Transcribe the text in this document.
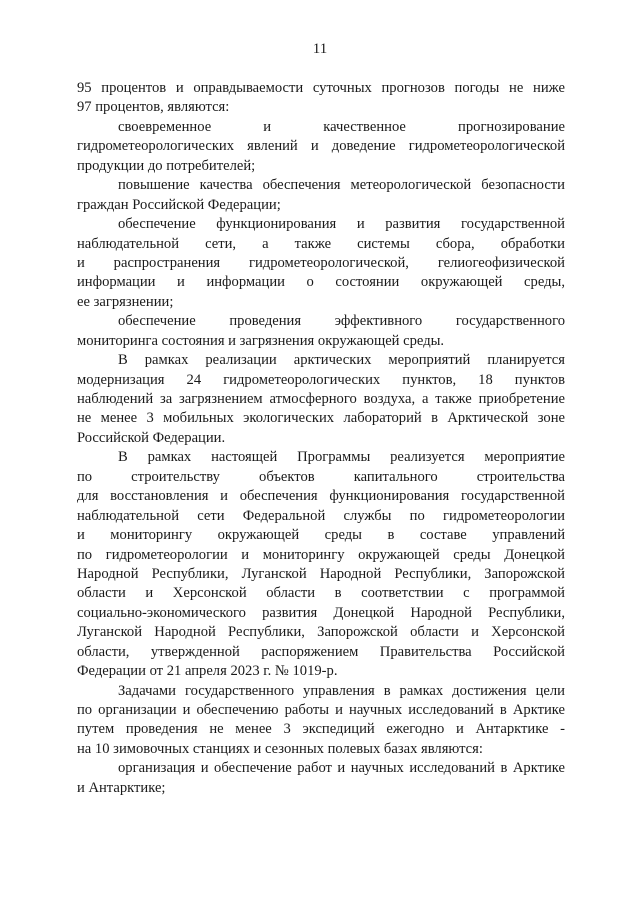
11
95 процентов и оправдываемости суточных прогнозов погоды не ниже
97 процентов, являются:
своевременное и качественное прогнозирование
гидрометеорологических явлений и доведение гидрометеорологической
продукции до потребителей;
повышение качества обеспечения метеорологической безопасности
граждан Российской Федерации;
обеспечение функционирования и развития государственной
наблюдательной сети, а также системы сбора, обработки
и распространения гидрометеорологической, гелиогеофизической
информации и информации о состоянии окружающей среды,
ее загрязнении;
обеспечение проведения эффективного государственного
мониторинга состояния и загрязнения окружающей среды.
В рамках реализации арктических мероприятий планируется
модернизация 24 гидрометеорологических пунктов, 18 пунктов
наблюдений за загрязнением атмосферного воздуха, а также приобретение
не менее 3 мобильных экологических лабораторий в Арктической зоне
Российской Федерации.
В рамках настоящей Программы реализуется мероприятие
по строительству объектов капитального строительства
для восстановления и обеспечения функционирования государственной
наблюдательной сети Федеральной службы по гидрометеорологии
и мониторингу окружающей среды в составе управлений
по гидрометеорологии и мониторингу окружающей среды Донецкой
Народной Республики, Луганской Народной Республики, Запорожской
области и Херсонской области в соответствии с программой
социально-экономического развития Донецкой Народной Республики,
Луганской Народной Республики, Запорожской области и Херсонской
области, утвержденной распоряжением Правительства Российской
Федерации от 21 апреля 2023 г. № 1019-р.
Задачами государственного управления в рамках достижения цели
по организации и обеспечению работы и научных исследований в Арктике
путем проведения не менее 3 экспедиций ежегодно и Антарктике -
на 10 зимовочных станциях и сезонных полевых базах являются:
организация и обеспечение работ и научных исследований в Арктике
и Антарктике;
